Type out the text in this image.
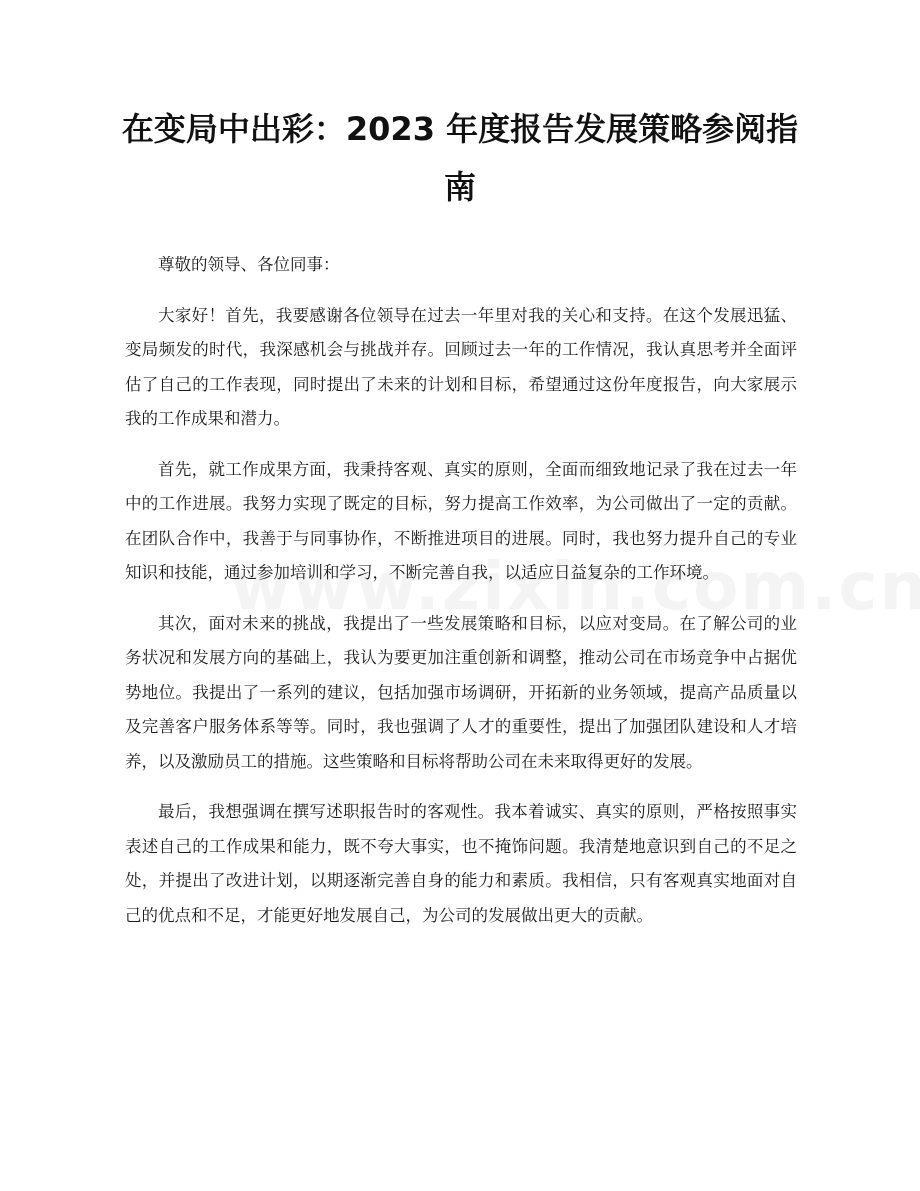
在变局中出彩：2023 年度报告发展策略参阅指南

尊敬的领导、各位同事：

大家好！首先，我要感谢各位领导在过去一年里对我的关心和支持。在这个发展迅猛、变局频发的时代，我深感机会与挑战并存。回顾过去一年的工作情况，我认真思考并全面评估了自己的工作表现，同时提出了未来的计划和目标，希望通过这份年度报告，向大家展示我的工作成果和潜力。

首先，就工作成果方面，我秉持客观、真实的原则，全面而细致地记录了我在过去一年中的工作进展。我努力实现了既定的目标，努力提高工作效率，为公司做出了一定的贡献。在团队合作中，我善于与同事协作，不断推进项目的进展。同时，我也努力提升自己的专业知识和技能，通过参加培训和学习，不断完善自我，以适应日益复杂的工作环境。

其次，面对未来的挑战，我提出了一些发展策略和目标，以应对变局。在了解公司的业务状况和发展方向的基础上，我认为要更加注重创新和调整，推动公司在市场竞争中占据优势地位。我提出了一系列的建议，包括加强市场调研，开拓新的业务领域，提高产品质量以及完善客户服务体系等等。同时，我也强调了人才的重要性，提出了加强团队建设和人才培养，以及激励员工的措施。这些策略和目标将帮助公司在未来取得更好的发展。

最后，我想强调在撰写述职报告时的客观性。我本着诚实、真实的原则，严格按照事实表述自己的工作成果和能力，既不夸大事实，也不掩饰问题。我清楚地意识到自己的不足之处，并提出了改进计划，以期逐渐完善自身的能力和素质。我相信，只有客观真实地面对自己的优点和不足，才能更好地发展自己，为公司的发展做出更大的贡献。
